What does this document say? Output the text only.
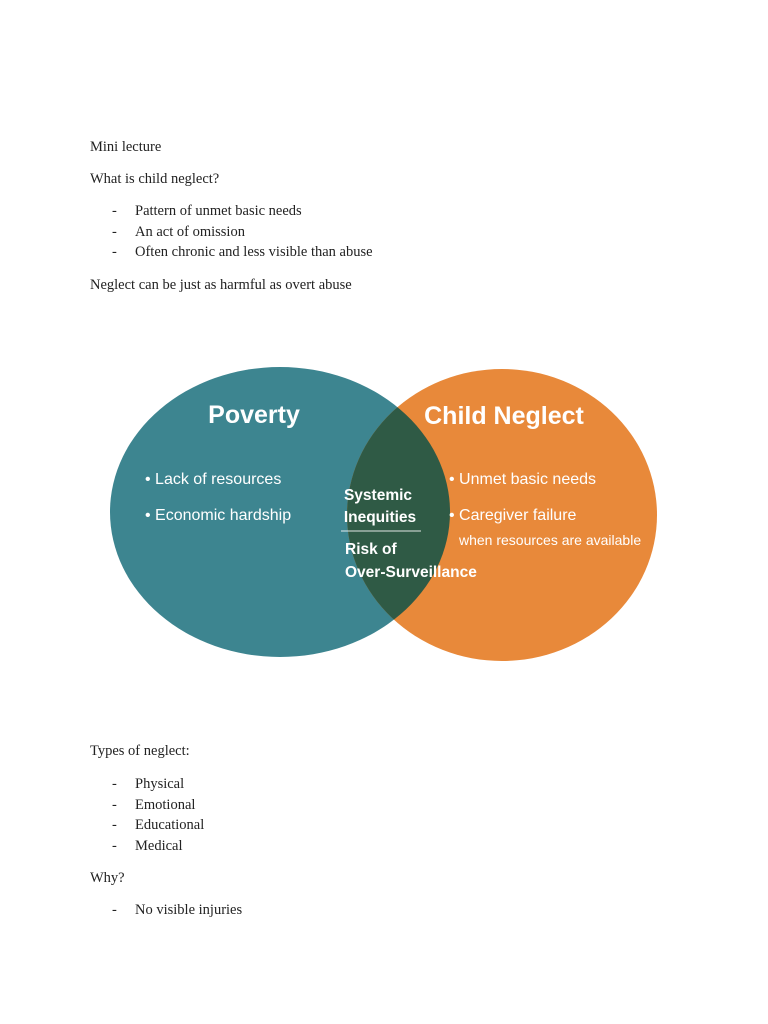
Mini lecture

What is child neglect?

- Pattern of unmet basic needs
- An act of omission
- Often chronic and less visible than abuse

Neglect can be just as harmful as overt abuse

Poverty
• Lack of resources
• Economic hardship
Child Neglect
• Unmet basic needs
• Caregiver failure
when resources are available
Systemic
Inequities
Risk of
Over-Surveillance

Types of neglect:

- Physical
- Emotional
- Educational
- Medical

Why?

- No visible injuries
